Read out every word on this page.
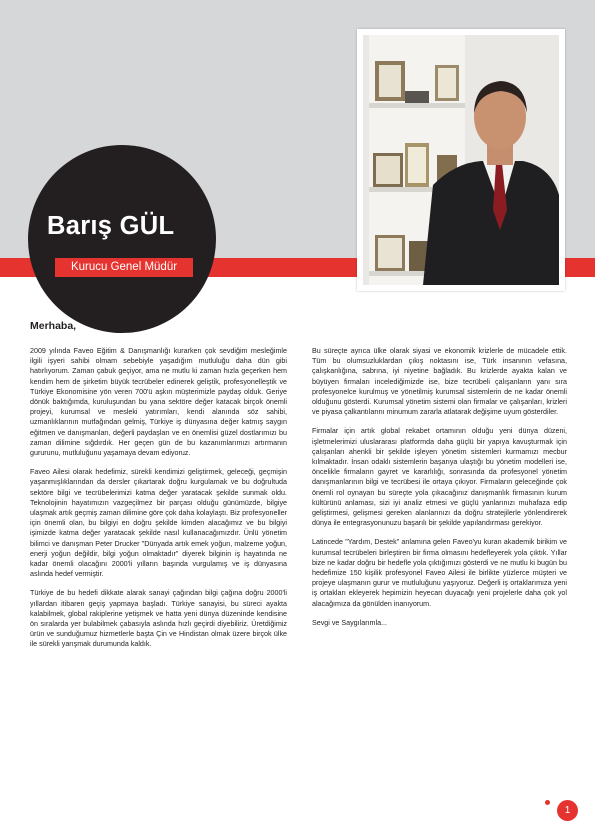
Barış GÜL
Kurucu Genel Müdür
Merhaba,

2009 yılında Faveo Eğitim & Danışmanlığı kurarken çok sevdiğim mesleğimle ilgili işyeri sahibi olmam sebebiyle yaşadığım mutluluğu daha dün gibi hatırlıyorum. Zaman çabuk geçiyor, ama ne mutlu ki zaman hızla geçerken hem kendim hem de şirketim büyük tecrübeler edinerek gelişti̇k, profesyonelleştik ve Türkiye Ekonomisine yön veren 700'ü aşkın müşterimizle paydaş olduk. Geriye dönük baktığımda, kuruluşundan bu yana sektöre değer katacak birçok önemli projeyi, kurumsal ve mesleki yatırımları, kendi alanında söz sahibi, uzmanlıklarının mutfağından gelmiş, Türkiye iş dünyasına değer katmış saygın eğitmen ve danışmanları, değerli paydaşları ve en önemlisi güzel dostlarımızı bu zaman dilimine sığdırdık. Her geçen gün de bu kazanımlarımızı artırmanın gururunu, mutluluğunu yaşamaya devam ediyoruz.

Faveo Ailesi olarak hedefimiz, sürekli kendimizi geliştirmek, geleceği, geçmişin yaşanmışlıklarından da dersler çıkartarak doğru kurgulamak ve bu doğrultuda sektöre bilgi ve tecrübelerimizi katma değer yaratacak şekilde sunmak oldu. Teknolojinin hayatımızın vazgeçilmez bir parçası olduğu günümüzde, bilgiye ulaşmak artık geçmiş zaman dilimine göre çok daha kolaylaştı. Biz profesyoneller için önemli olan, bu bilgiyi en doğru şekilde kimden alacağımız ve bu bilgiyi işimizde katma değer yaratacak şekilde nasıl kullanacağımızdır. Ünlü yönetim bilimci ve danışman Peter Drucker "Dünyada artık emek yoğun, malzeme yoğun, enerji yoğun değildir, bilgi yoğun olmaktadır" diyerek bilginin iş hayatında ne kadar önemli olacağını 2000'li yılların başında vurgulamış ve iş dünyasına aslında hedef vermiştir.

Türkiye de bu hedefi dikkate alarak sanayi çağından bilgi çağına doğru 2000'li yıllardan itibaren geçiş yapmaya başladı. Türkiye sanayisi, bu süreci ayakta kalabilmek, global rakiplerine yetişmek ve hatta yeni dünya düzeninde kendisine ön sıralarda yer bulabilmek çabasıyla aslında hızlı geçirdi diyebiliriz. Üretdiğimiz ürün ve sunduğumuz hizmetlerle başta Çin ve Hindistan olmak üzere birçok ülke ile sürekli yarışmak durumunda kaldık.

Bu süreçte ayrıca ülke olarak siyasi ve ekonomik krizlerle de mücadele ettik. Tüm bu olumsuzluklardan çıkış noktasını ise, Türk insanının vefasına, çalışkanlığına, sabrına, iyi niyetine bağladık. Bu krizlerde ayakta kalan ve büyüyen firmaları incelediğimizde ise, bize tecrübeli çalışanların yanı sıra profesyonelce kurulmuş ve yönetilmiş kurumsal sistemlerin de ne kadar önemli olduğunu gösterdi. Kurumsal yönetim sistemi olan firmalar ve çalışanları, krizleri ve piyasa çalkantılarını minumum zararla atlatarak değişime uyum gösterdiler.

Firmalar için artık global rekabet ortamının olduğu yeni dünya düzeni, işletmelerimizi uluslararası platformda daha güçlü bir yapıya kavuşturmak için çalışanları ahenkli bir şekilde işleyen yönetim sistemleri kurmamızı mecbur kılmaktadır. İnsan odaklı sistemlerin başarıya ulaştığı bu yönetim modelleri ise, öncelikle firmaların gayret ve kararlılığı, sonrasında da profesyonel yönetim danışmanlarının bilgi ve tecrübesi ile ortaya çıkıyor. Firmaların geleceğinde çok önemli rol oynayan bu süreçte yola çıkacağınız danışmanlık firmasının kurum kültürünü anlaması, sizi iyi analiz etmesi ve güçlü yanlarınızı muhafaza edip geliştirmesi, gelişmesi gereken alanlarınızı da doğru stratejilerle yönlendirerek dünya ile entegrasyonunuzu başarılı bir şekilde yapılandırması gerekiyor.

Latincede "Yardım, Destek" anlamına gelen Faveo'yu kuran akademik birikim ve kurumsal tecrübeleri birleştiren bir firma olmasını hedefleyerek yola çıktık. Yıllar bize ne kadar doğru bir hedefle yola çıktığımızı gösterdi ve ne mutlu ki bugün bu hedefimize 150 kişilik profesyonel Faveo Ailesi ile birlikte yüzlerce müşteri ve projeye ulaşmanın gurur ve mutluluğunu yaşıyoruz. Değerli iş ortaklarımıza yeni iş ortakları ekleyerek hepimizin heyecan duyacağı yeni projelerle daha çok yol alacağımıza da gönülden inanıyorum.

Sevgi ve Saygılarımla...

1
